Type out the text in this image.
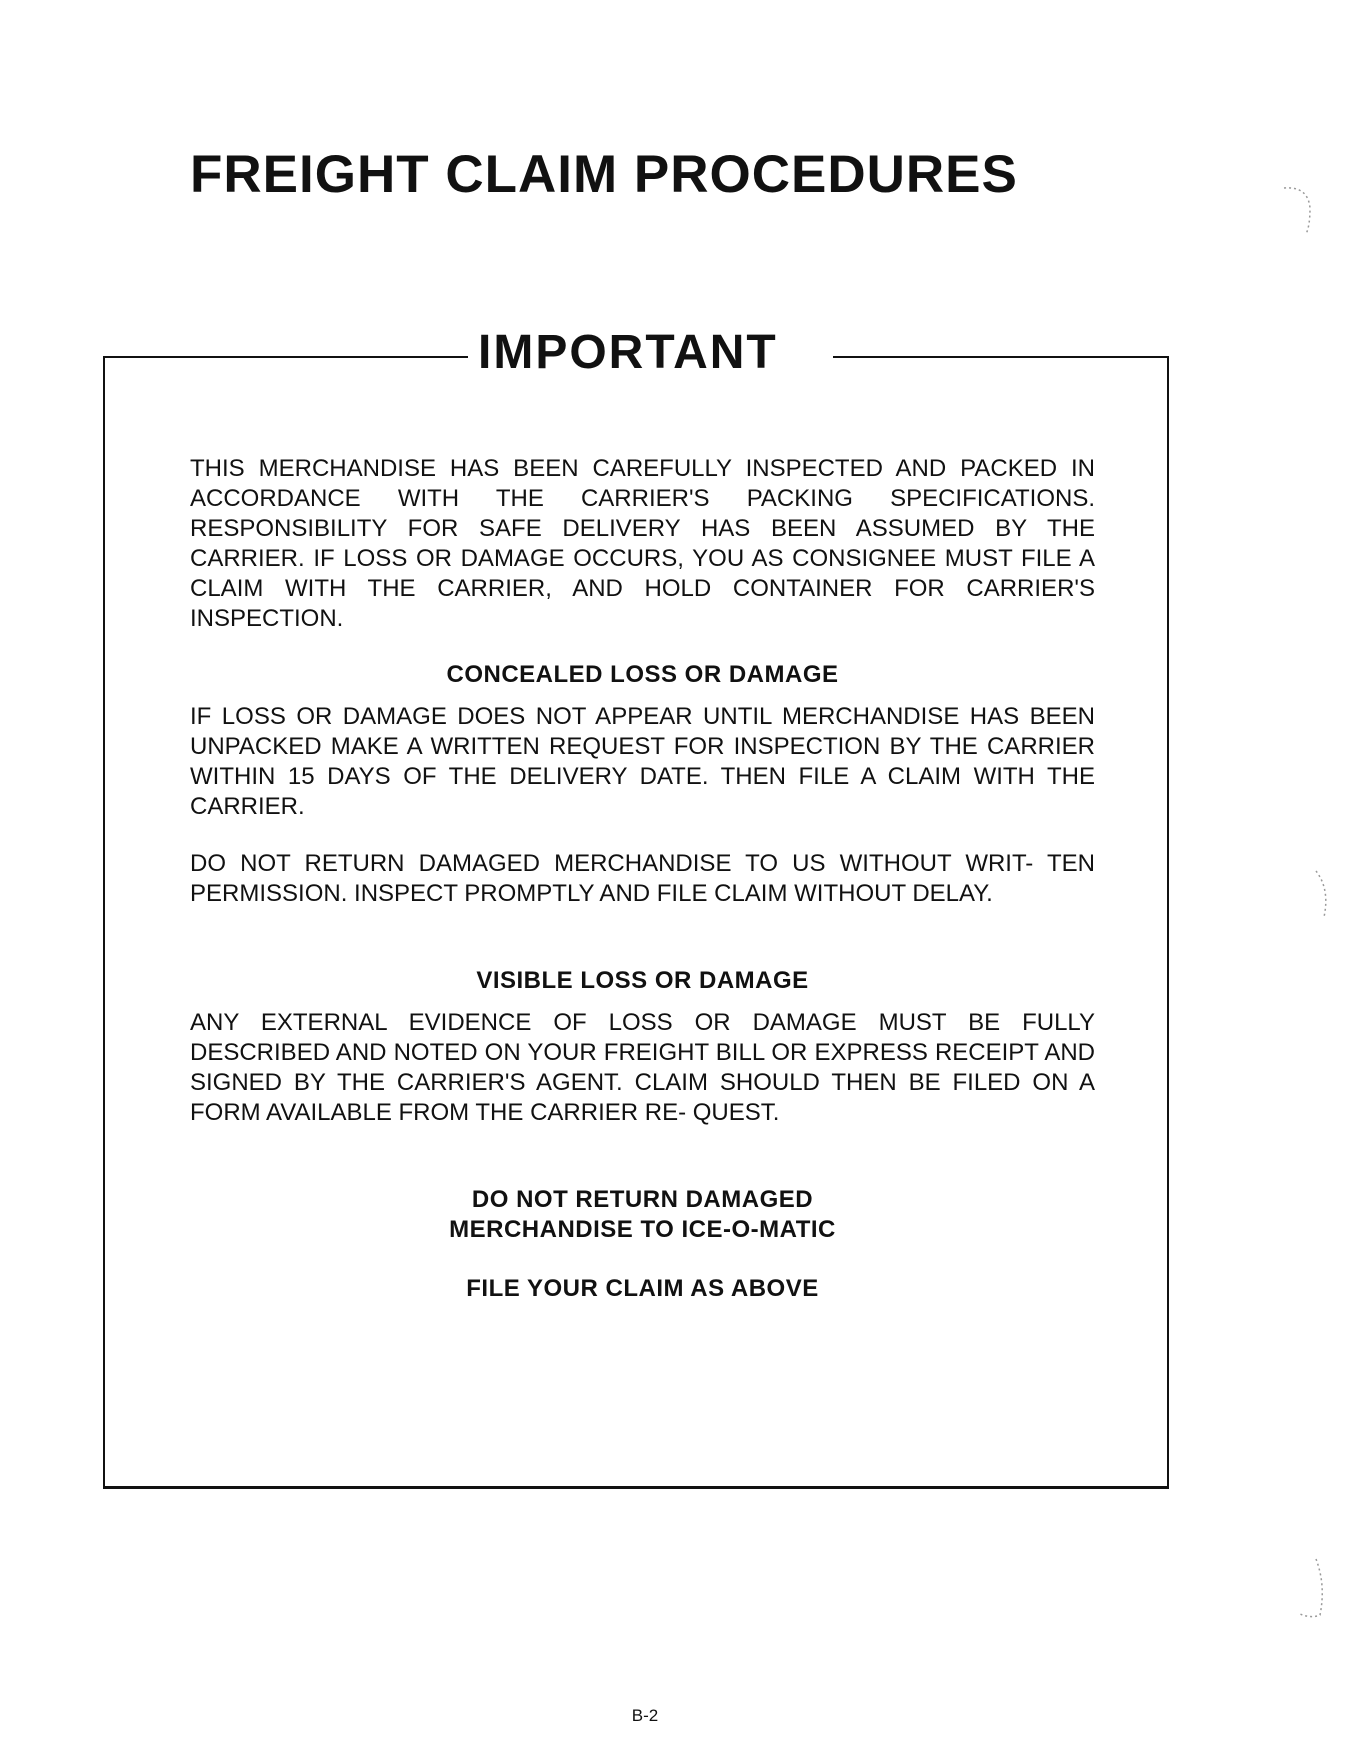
FREIGHT CLAIM PROCEDURES
IMPORTANT

THIS MERCHANDISE HAS BEEN CAREFULLY INSPECTED AND PACKED IN ACCORDANCE WITH THE CARRIER'S PACKING SPECIFICATIONS. RESPONSIBILITY FOR SAFE DELIVERY HAS BEEN ASSUMED BY THE CARRIER. IF LOSS OR DAMAGE OCCURS, YOU AS CONSIGNEE MUST FILE A CLAIM WITH THE CARRIER, AND HOLD CONTAINER FOR CARRIER'S INSPECTION.

CONCEALED LOSS OR DAMAGE

IF LOSS OR DAMAGE DOES NOT APPEAR UNTIL MERCHANDISE HAS BEEN UNPACKED MAKE A WRITTEN REQUEST FOR INSPECTION BY THE CARRIER WITHIN 15 DAYS OF THE DELIVERY DATE. THEN FILE A CLAIM WITH THE CARRIER.

DO NOT RETURN DAMAGED MERCHANDISE TO US WITHOUT WRIT- TEN PERMISSION. INSPECT PROMPTLY AND FILE CLAIM WITHOUT DELAY.

VISIBLE LOSS OR DAMAGE

ANY EXTERNAL EVIDENCE OF LOSS OR DAMAGE MUST BE FULLY DESCRIBED AND NOTED ON YOUR FREIGHT BILL OR EXPRESS RECEIPT AND SIGNED BY THE CARRIER'S AGENT. CLAIM SHOULD THEN BE FILED ON A FORM AVAILABLE FROM THE CARRIER RE- QUEST.

DO NOT RETURN DAMAGED
MERCHANDISE TO ICE-O-MATIC
FILE YOUR CLAIM AS ABOVE
B-2
